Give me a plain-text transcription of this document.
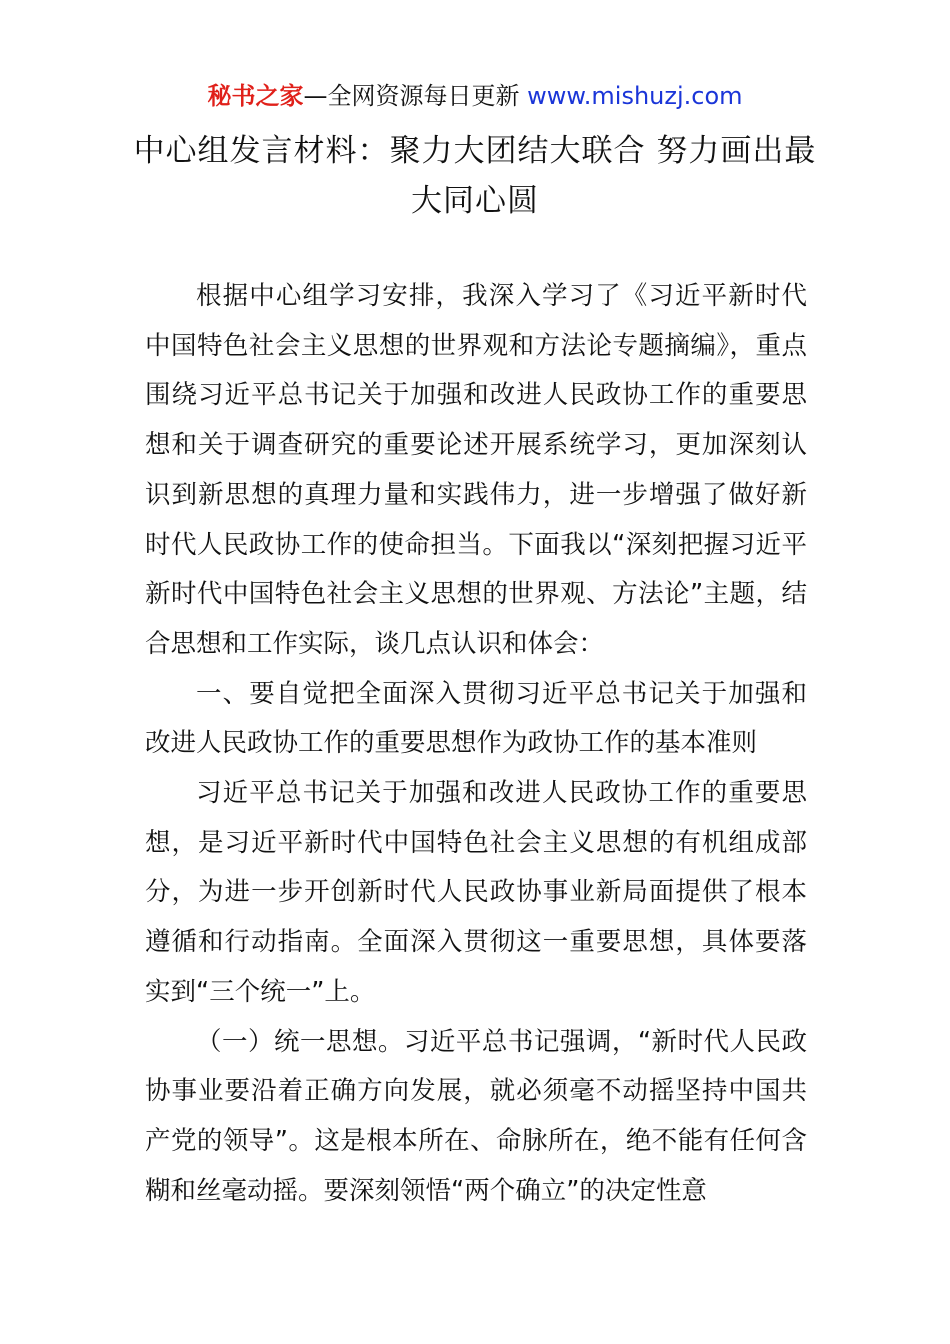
秘书之家—全网资源每日更新 www.mishuzj.com
中心组发言材料：聚力大团结大联合 努力画出最大同心圆

根据中心组学习安排，我深入学习了《习近平新时代中国特色社会主义思想的世界观和方法论专题摘编》，重点围绕习近平总书记关于加强和改进人民政协工作的重要思想和关于调查研究的重要论述开展系统学习，更加深刻认识到新思想的真理力量和实践伟力，进一步增强了做好新时代人民政协工作的使命担当。下面我以“深刻把握习近平新时代中国特色社会主义思想的世界观、方法论”主题，结合思想和工作实际，谈几点认识和体会：

一、要自觉把全面深入贯彻习近平总书记关于加强和改进人民政协工作的重要思想作为政协工作的基本准则

习近平总书记关于加强和改进人民政协工作的重要思想，是习近平新时代中国特色社会主义思想的有机组成部分，为进一步开创新时代人民政协事业新局面提供了根本遵循和行动指南。全面深入贯彻这一重要思想，具体要落实到“三个统一”上。

（一）统一思想。习近平总书记强调，“新时代人民政协事业要沿着正确方向发展，就必须毫不动摇坚持中国共产党的领导”。这是根本所在、命脉所在，绝不能有任何含糊和丝毫动摇。要深刻领悟“两个确立”的决定性意
